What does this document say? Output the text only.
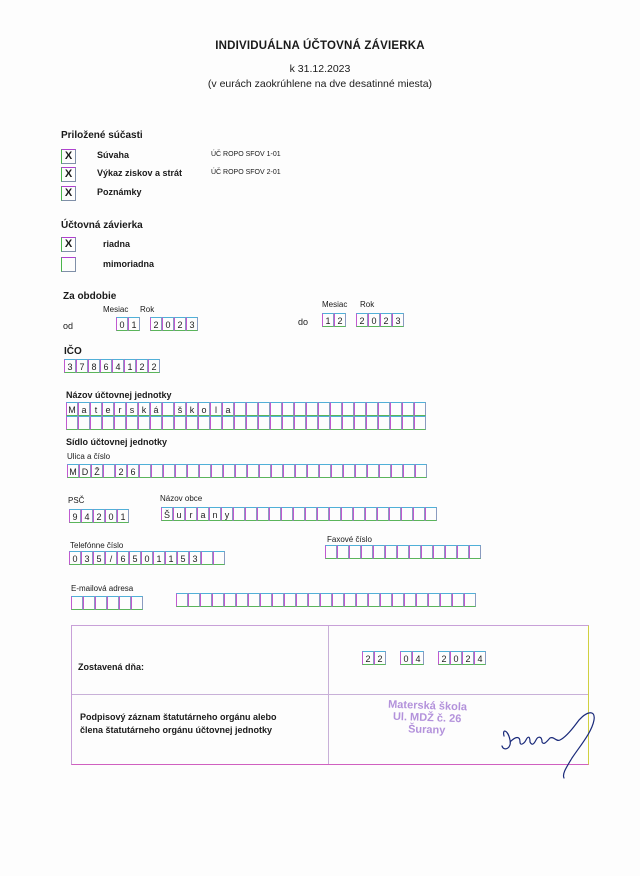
INDIVIDUÁLNA ÚČTOVNÁ ZÁVIERKA
k 31.12.2023
(v eurách zaokrúhlene na dve desatinné miesta)
Priložené súčasti
X	Súvaha	ÚČ ROPO SFOV 1-01
X	Výkaz ziskov a strát	ÚČ ROPO SFOV 2-01
X	Poznámky
Účtovná závierka
X	riadna
mimoriadna
Za obdobie
Mesiac Rok
od	0 1	2 0 2 3
Mesiac Rok
do	1 2	2 0 2 3
IČO
3 7 8 6 4 1 2 2
Názov účtovnej jednotky
M a t e r s k á	š k o l a
Sídlo účtovnej jednotky
Ulica a číslo
M D Ž	2 6
PSČ
9 4 2 0 1
Názov obce
Š u r a n y
Telefónne číslo
0 3 5 / 6 5 0 1 1 5 3
Faxové číslo
E-mailová adresa
Zostavená dňa:
2 2	0 4	2 0 2 4
Podpisový záznam štatutárneho orgánu alebo
člena štatutárneho orgánu účtovnej jednotky
Materská škola
Ul. MDŽ č. 26
Šurany
